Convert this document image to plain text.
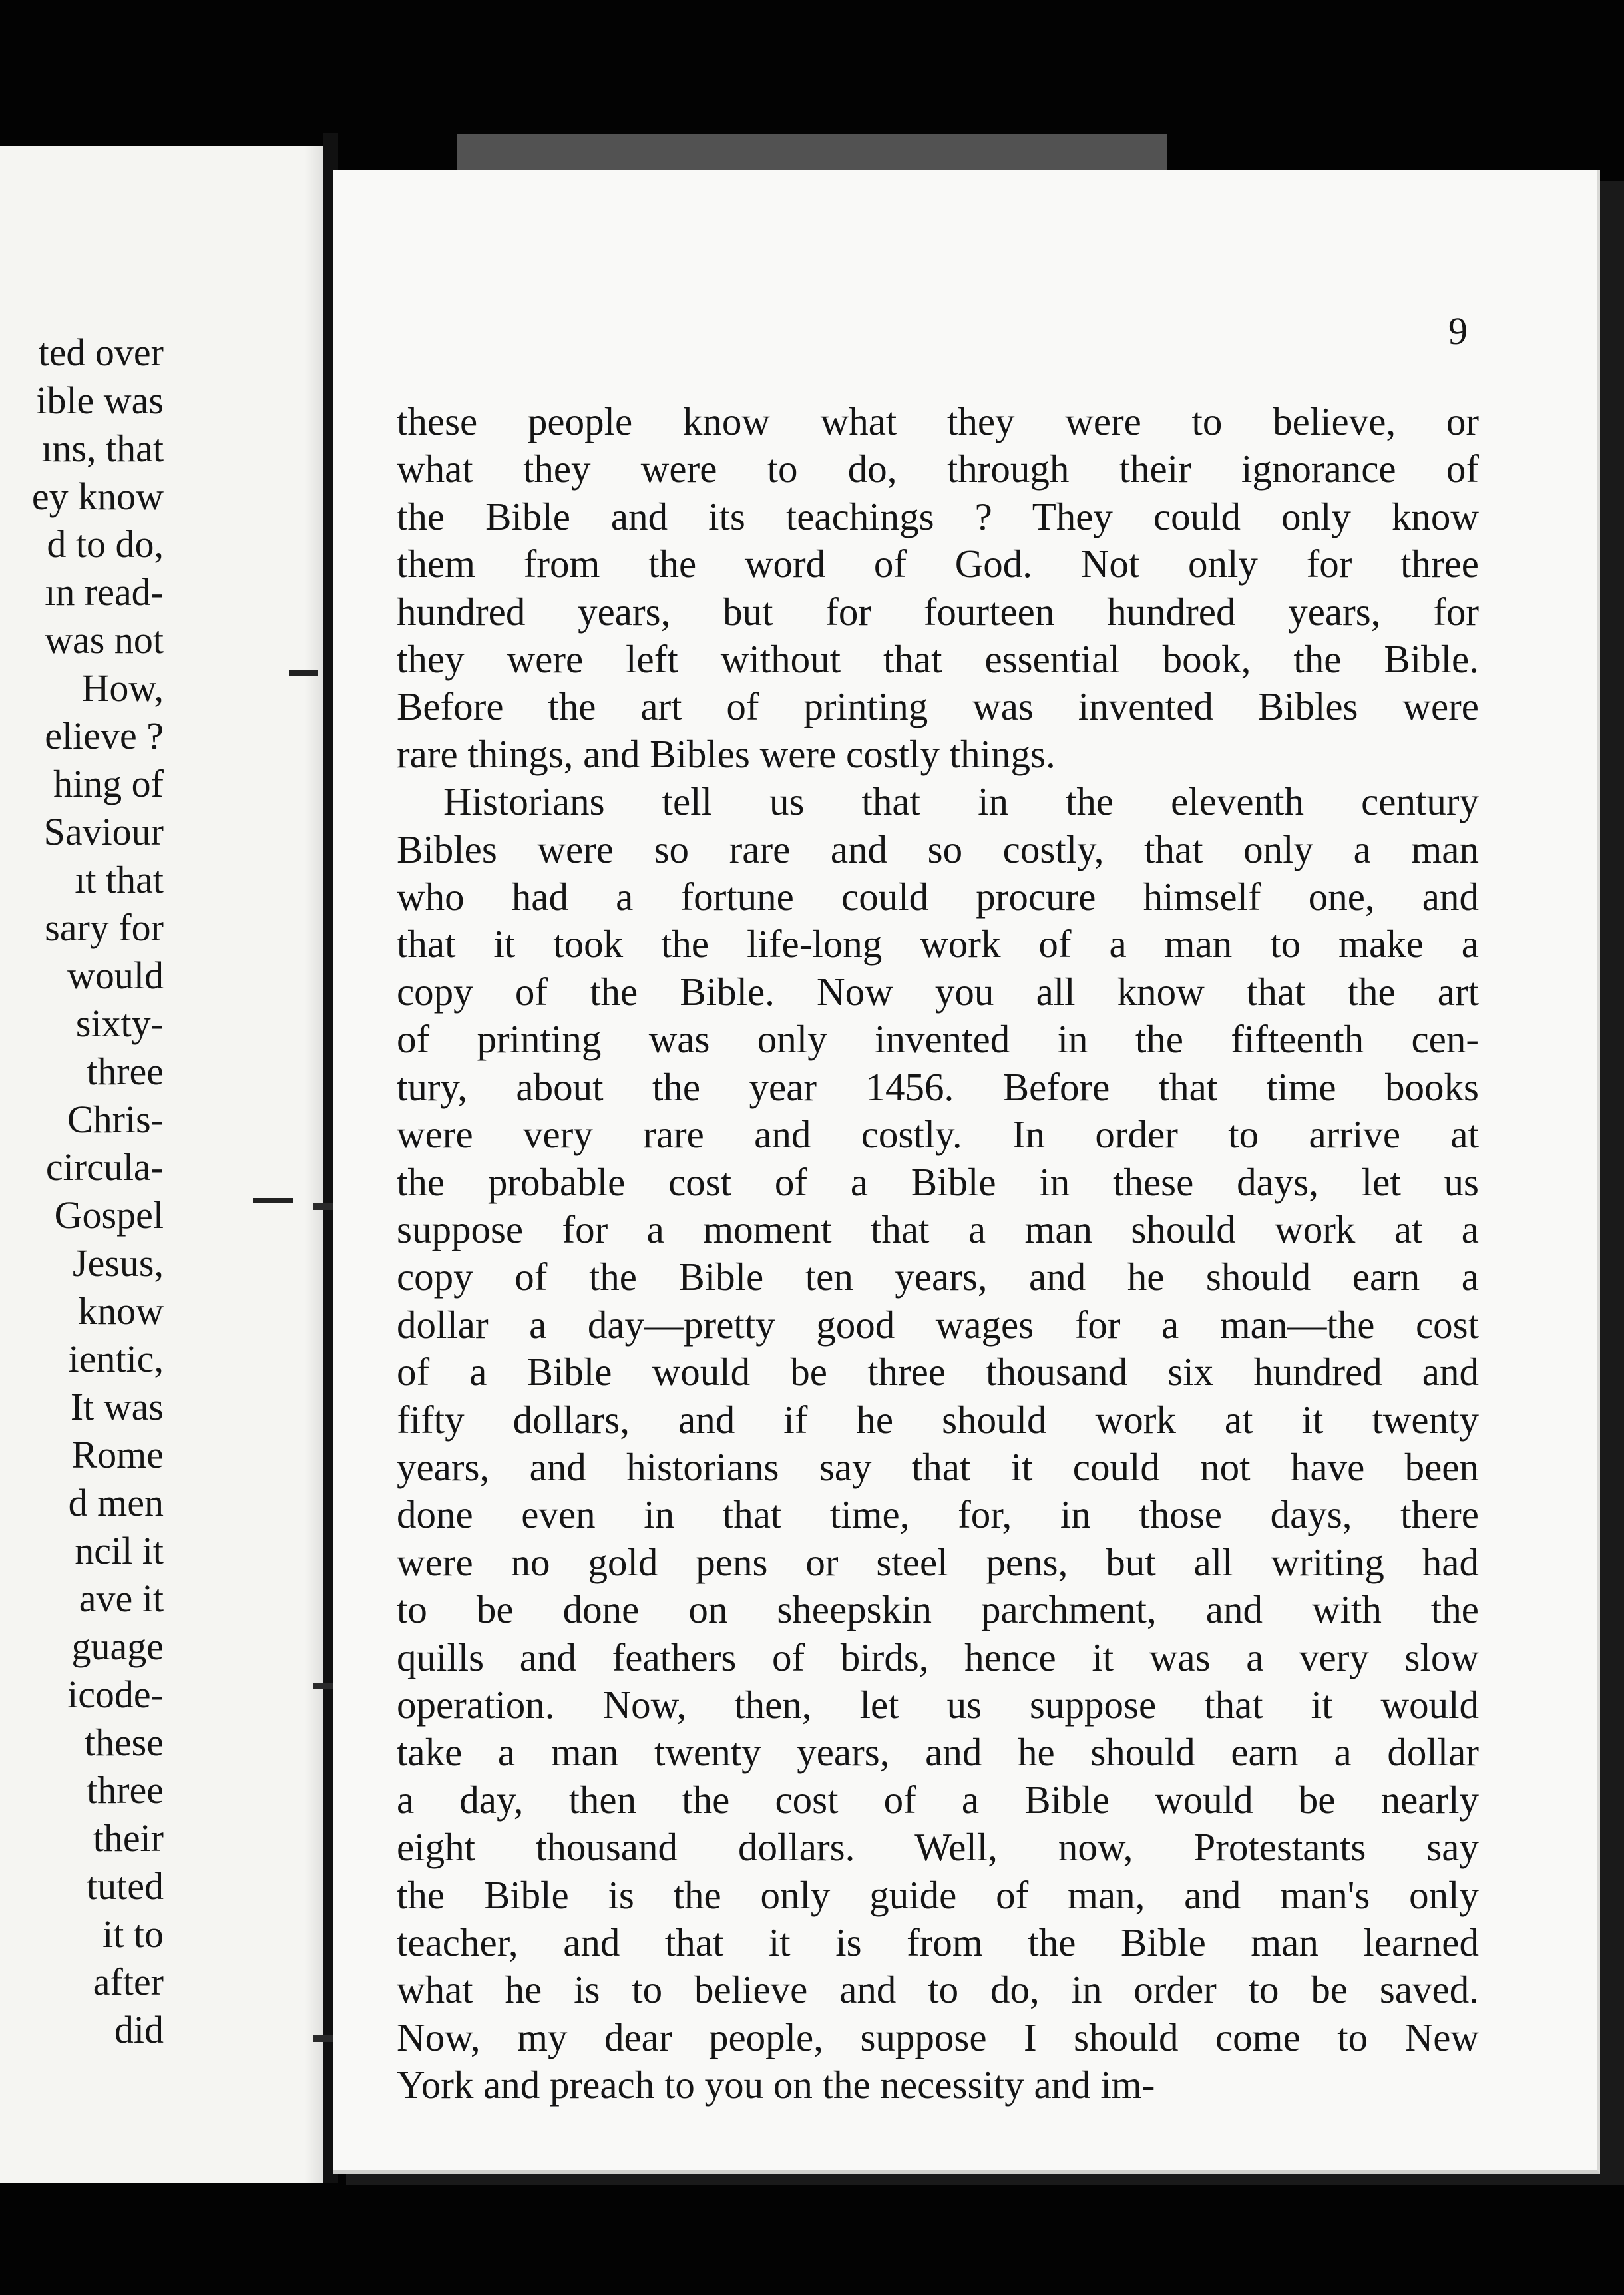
ted over
ible was
ıns, that
ey know
d to do,
ın read-
was not
How,
elieve ?
hing of
Saviour
ıt that
sary for
would
sixty-
three
Chris-
circula-
Gospel
Jesus,
know
ientic,
It was
Rome
d men
ncil it
ave it
guage
icode-
these
three
their
tuted
it to
after
did
9
these people know what they were to believe, or
what they were to do, through their ignorance of
the Bible and its teachings ? They could only know
them from the word of God. Not only for three
hundred years, but for fourteen hundred years, for
they were left without that essential book, the Bible.
Before the art of printing was invented Bibles were
rare things, and Bibles were costly things.
Historians tell us that in the eleventh century
Bibles were so rare and so costly, that only a man
who had a fortune could procure himself one, and
that it took the life-long work of a man to make a
copy of the Bible. Now you all know that the art
of printing was only invented in the fifteenth cen-
tury, about the year 1456. Before that time books
were very rare and costly. In order to arrive at
the probable cost of a Bible in these days, let us
suppose for a moment that a man should work at a
copy of the Bible ten years, and he should earn a
dollar a day—pretty good wages for a man—the cost
of a Bible would be three thousand six hundred and
fifty dollars, and if he should work at it twenty
years, and historians say that it could not have been
done even in that time, for, in those days, there
were no gold pens or steel pens, but all writing had
to be done on sheepskin parchment, and with the
quills and feathers of birds, hence it was a very slow
operation. Now, then, let us suppose that it would
take a man twenty years, and he should earn a dollar
a day, then the cost of a Bible would be nearly
eight thousand dollars. Well, now, Protestants say
the Bible is the only guide of man, and man's only
teacher, and that it is from the Bible man learned
what he is to believe and to do, in order to be saved.
Now, my dear people, suppose I should come to New
York and preach to you on the necessity and im-
